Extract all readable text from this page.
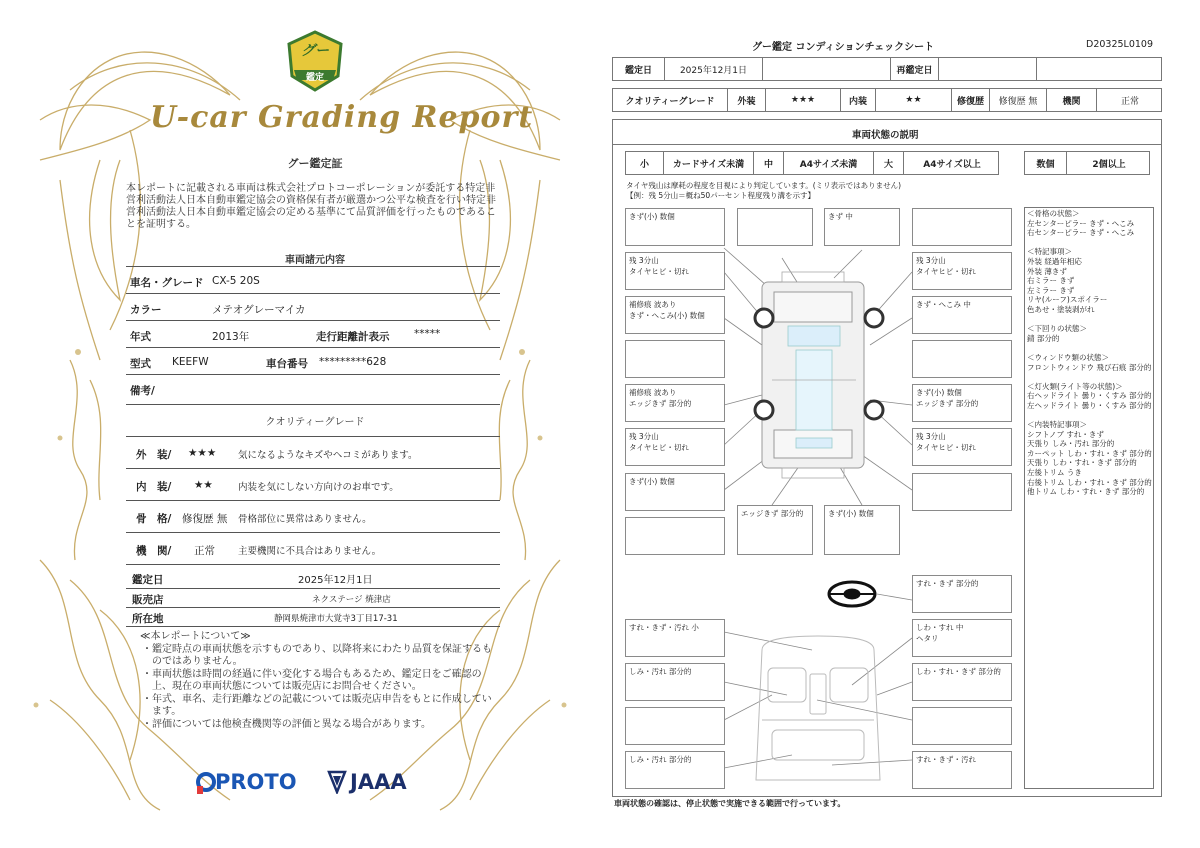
グー
鑑定
U-car Grading Report
グー鑑定証
本レポートに記載される車両は株式会社プロトコーポレーションが委託する特定非営利活動法人日本自動車鑑定協会の資格保有者が厳選かつ公平な検査を行い特定非営利活動法人日本自動車鑑定協会の定める基準にて品質評価を行ったものであることを証明する。
車両諸元内容
車名・グレード CX-5 20S
カラー	メテオグレーマイカ
年式	2013年	走行距離計表示 *****
型式 KEEFW	車台番号 *********628
備考/
クオリティーグレード
外　装/ ★★★ 気になるようなキズやヘコミがあります。
内　装/ ★★	内装を気にしない方向けのお車です。
骨　格/ 修復歴 無 骨格部位に異常はありません。
機　関/ 正常 主要機関に不具合はありません。
鑑定日	2025年12月1日
販売店	ネクステージ 焼津店
所在地	静岡県焼津市大覚寺3丁目17-31
≪本レポートについて≫
・鑑定時点の車両状態を示すものであり、以降将来にわたり品質を保証するものではありません。
・車両状態は時間の経過に伴い変化する場合もあるため、鑑定日をご確認の上、現在の車両状態については販売店にお問合せください。
・年式、車名、走行距離などの記載については販売店申告をもとに作成しています。
・評価については他検査機関等の評価と異なる場合があります。
PROTO	JAAA
グー鑑定 コンディションチェックシート	D20325L0109
鑑定日	2025年12月1日	再鑑定日
クオリティーグレード	外装	★★★	内装	★★	修復歴	修復歴 無	機関	正常
車両状態の説明
小	カードサイズ未満	中	A4サイズ未満	大	A4サイズ以上	数個	2個以上
タイヤ残山は摩耗の程度を目視により判定しています。(ミリ表示ではありません)
【例：残 5分山＝概ね50パーセント程度残り溝を示す】
＜骨格の状態＞
左センターピラー きず・へこみ
右センターピラー きず・へこみ

＜特記事項＞
外装 経過年相応
外装 薄きず
右ミラー きず
左ミラー きず
リヤ(ルーフ)スポイラー
色あせ・塗装剥がれ

＜下回りの状態＞
錆 部分的

＜ウィンドウ類の状態＞
フロントウィンドウ 飛び石痕 部分的

＜灯火類(ライト等の状態)＞
右ヘッドライト 曇り・くすみ 部分的
左ヘッドライト 曇り・くすみ 部分的

＜内装特記事項＞
シフトノブ すれ・きず
天張り しみ・汚れ 部分的
カーペット しわ・すれ・きず 部分的
天張り しわ・すれ・きず 部分的
左後トリム うき
右後トリム しわ・すれ・きず 部分的
他トリム しわ・すれ・きず 部分的
きず(小) 数個	きず 中
残 3分山
タイヤヒビ・切れ
残 3分山
タイヤヒビ・切れ
補修痕 波あり
きず・へこみ(小) 数個
きず・へこみ 中
補修痕 波あり
エッジきず 部分的
きず(小) 数個
エッジきず 部分的
残 3分山
タイヤヒビ・切れ
残 3分山
タイヤヒビ・切れ
きず(小) 数個
エッジきず 部分的	きず(小) 数個
すれ・きず 部分的
すれ・きず・汚れ 小	しわ・すれ 中
ヘタリ
しみ・汚れ 部分的	しわ・すれ・きず 部分的
しみ・汚れ 部分的	すれ・きず・汚れ
車両状態の確認は、停止状態で実施できる範囲で行っています。
